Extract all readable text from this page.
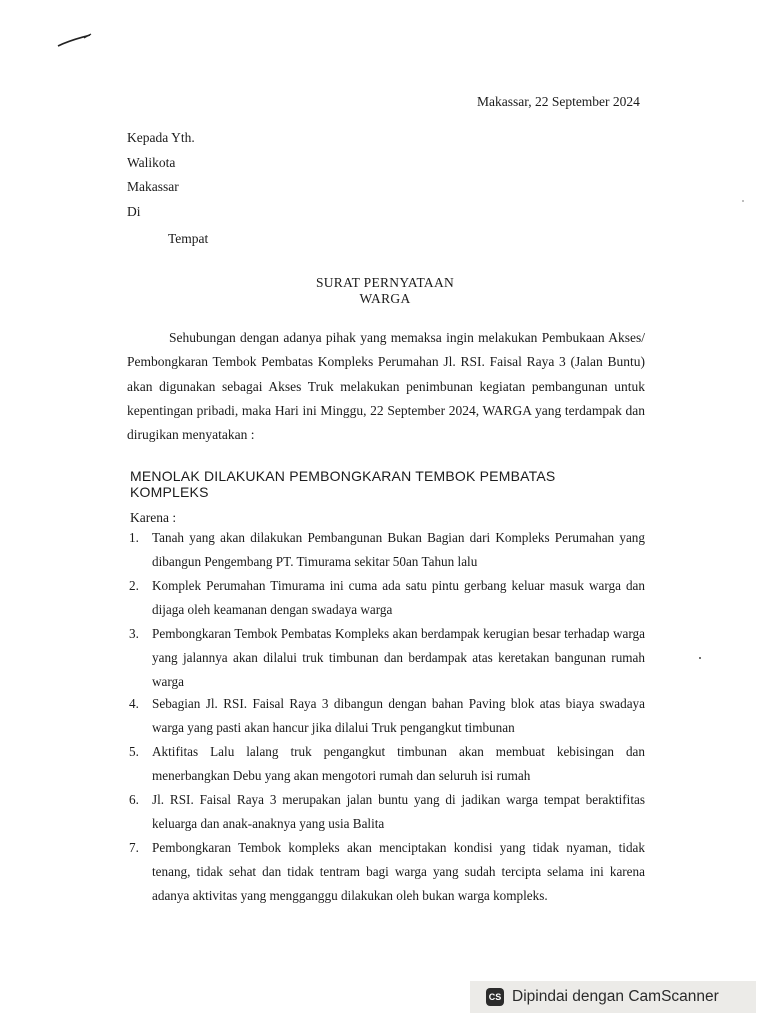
Makassar, 22 September 2024
Kepada Yth.
Walikota
Makassar
Di
Tempat
SURAT PERNYATAAN
WARGA
Sehubungan dengan adanya pihak yang memaksa ingin melakukan Pembukaan Akses/ Pembongkaran Tembok Pembatas Kompleks Perumahan Jl. RSI. Faisal Raya 3 (Jalan Buntu) akan digunakan sebagai Akses Truk melakukan penimbunan kegiatan pembangunan untuk kepentingan pribadi, maka Hari ini Minggu, 22 September 2024, WARGA yang terdampak dan dirugikan menyatakan :
MENOLAK DILAKUKAN PEMBONGKARAN TEMBOK PEMBATAS KOMPLEKS
Karena :
1. Tanah yang akan dilakukan Pembangunan Bukan Bagian dari Kompleks Perumahan yang dibangun Pengembang PT. Timurama sekitar 50an Tahun lalu
2. Komplek Perumahan Timurama ini cuma ada satu pintu gerbang keluar masuk warga dan dijaga oleh keamanan dengan swadaya warga
3. Pembongkaran Tembok Pembatas Kompleks akan berdampak kerugian besar terhadap warga yang jalannya akan dilalui truk timbunan dan berdampak atas keretakan bangunan rumah warga
4. Sebagian Jl. RSI. Faisal Raya 3 dibangun dengan bahan Paving blok atas biaya swadaya warga yang pasti akan hancur jika dilalui Truk pengangkut timbunan
5. Aktifitas Lalu lalang truk pengangkut timbunan akan membuat kebisingan dan menerbangkan Debu yang akan mengotori rumah dan seluruh isi rumah
6. Jl. RSI. Faisal Raya 3 merupakan jalan buntu yang di jadikan warga tempat beraktifitas keluarga dan anak-anaknya yang usia Balita
7. Pembongkaran Tembok kompleks akan menciptakan kondisi yang tidak nyaman, tidak tenang, tidak sehat dan tidak tentram bagi warga yang sudah tercipta selama ini karena adanya aktivitas yang mengganggu dilakukan oleh bukan warga kompleks.
CS Dipindai dengan CamScanner
